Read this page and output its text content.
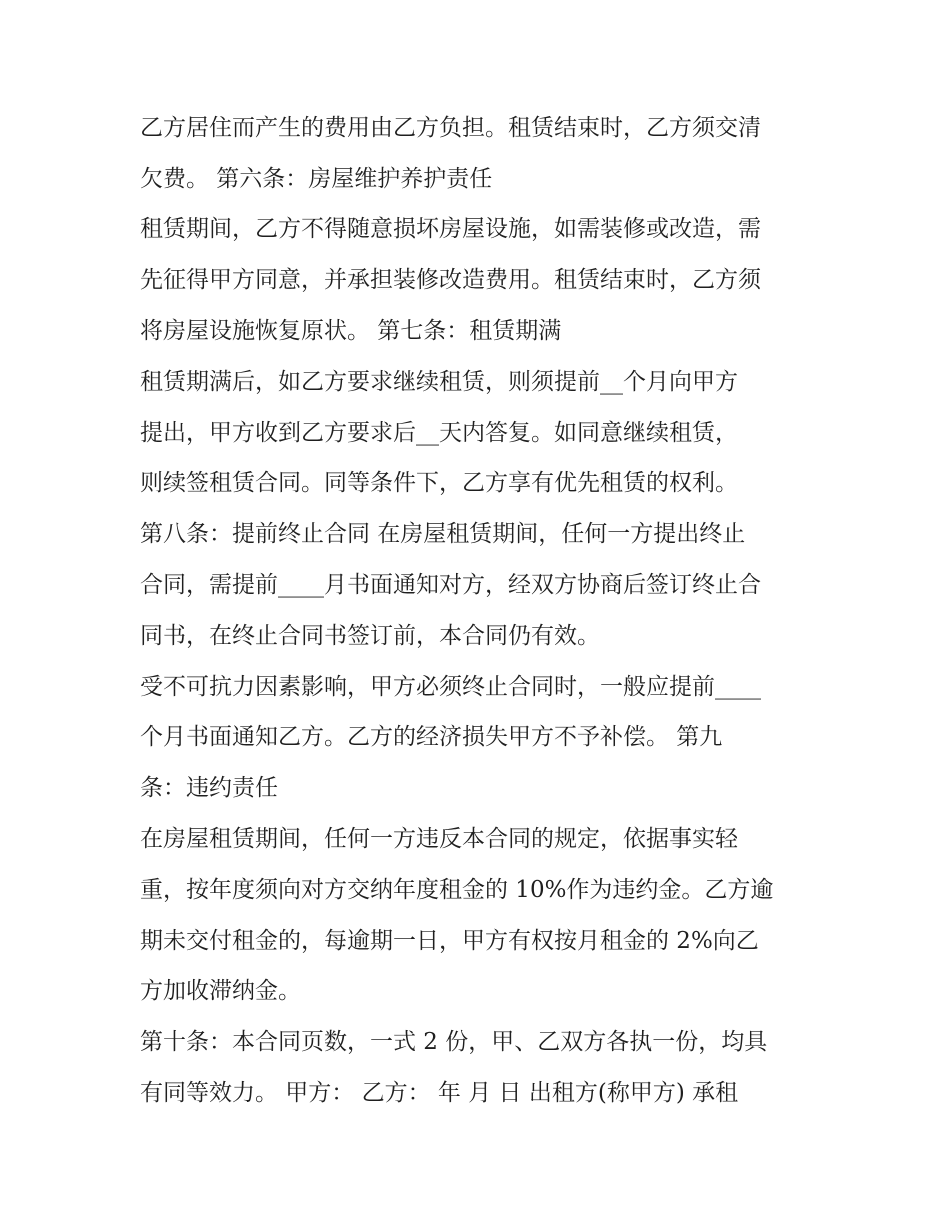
乙方居住而产生的费用由乙方负担。租赁结束时，乙方须交清
欠费。 第六条：房屋维护养护责任
租赁期间，乙方不得随意损坏房屋设施，如需装修或改造，需
先征得甲方同意，并承担装修改造费用。租赁结束时，乙方须
将房屋设施恢复原状。 第七条：租赁期满
租赁期满后，如乙方要求继续租赁，则须提前__个月向甲方
提出，甲方收到乙方要求后__天内答复。如同意继续租赁，
则续签租赁合同。同等条件下，乙方享有优先租赁的权利。
第八条：提前终止合同 在房屋租赁期间，任何一方提出终止
合同，需提前____月书面通知对方，经双方协商后签订终止合
同书，在终止合同书签订前，本合同仍有效。
受不可抗力因素影响，甲方必须终止合同时，一般应提前____
个月书面通知乙方。乙方的经济损失甲方不予补偿。 第九
条：违约责任
在房屋租赁期间，任何一方违反本合同的规定，依据事实轻
重，按年度须向对方交纳年度租金的 10%作为违约金。乙方逾
期未交付租金的，每逾期一日，甲方有权按月租金的 2%向乙
方加收滞纳金。
第十条：本合同页数，一式 2 份，甲、乙双方各执一份，均具
有同等效力。 甲方： 乙方： 年 月 日 出租方(称甲方) 承租
